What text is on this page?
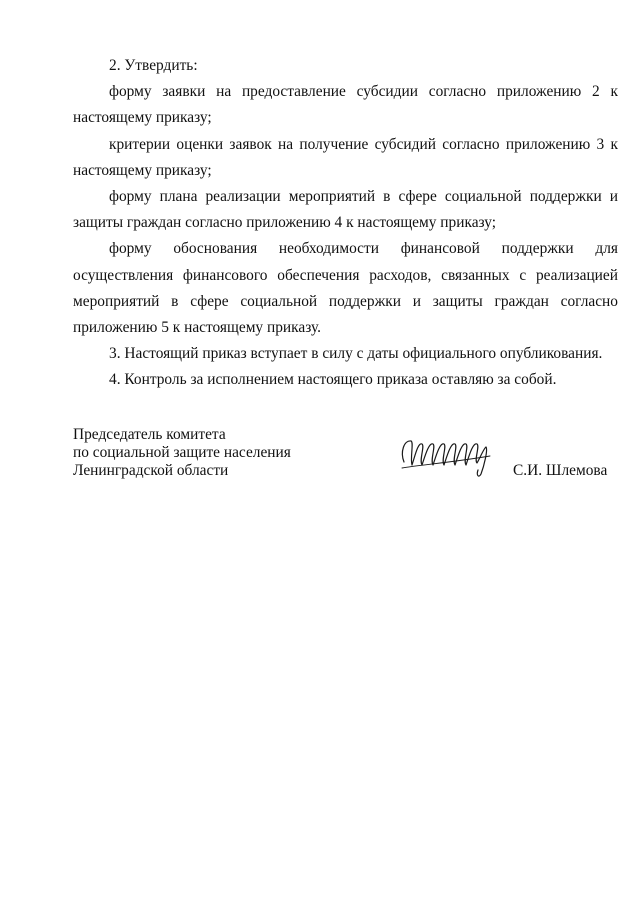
2. Утвердить:

форму заявки на предоставление субсидии согласно приложению 2 к настоящему приказу;

критерии оценки заявок на получение субсидий согласно приложению 3 к настоящему приказу;

форму плана реализации мероприятий в сфере социальной поддержки и защиты граждан согласно приложению 4 к настоящему приказу;

форму обоснования необходимости финансовой поддержки для осуществления финансового обеспечения расходов, связанных с реализацией мероприятий в сфере социальной поддержки и защиты граждан согласно приложению 5 к настоящему приказу.

3. Настоящий приказ вступает в силу с даты официального опубликования.

4. Контроль за исполнением настоящего приказа оставляю за собой.

Председатель комитета
по социальной защите населения
Ленинградской области	С.И. Шлемова
